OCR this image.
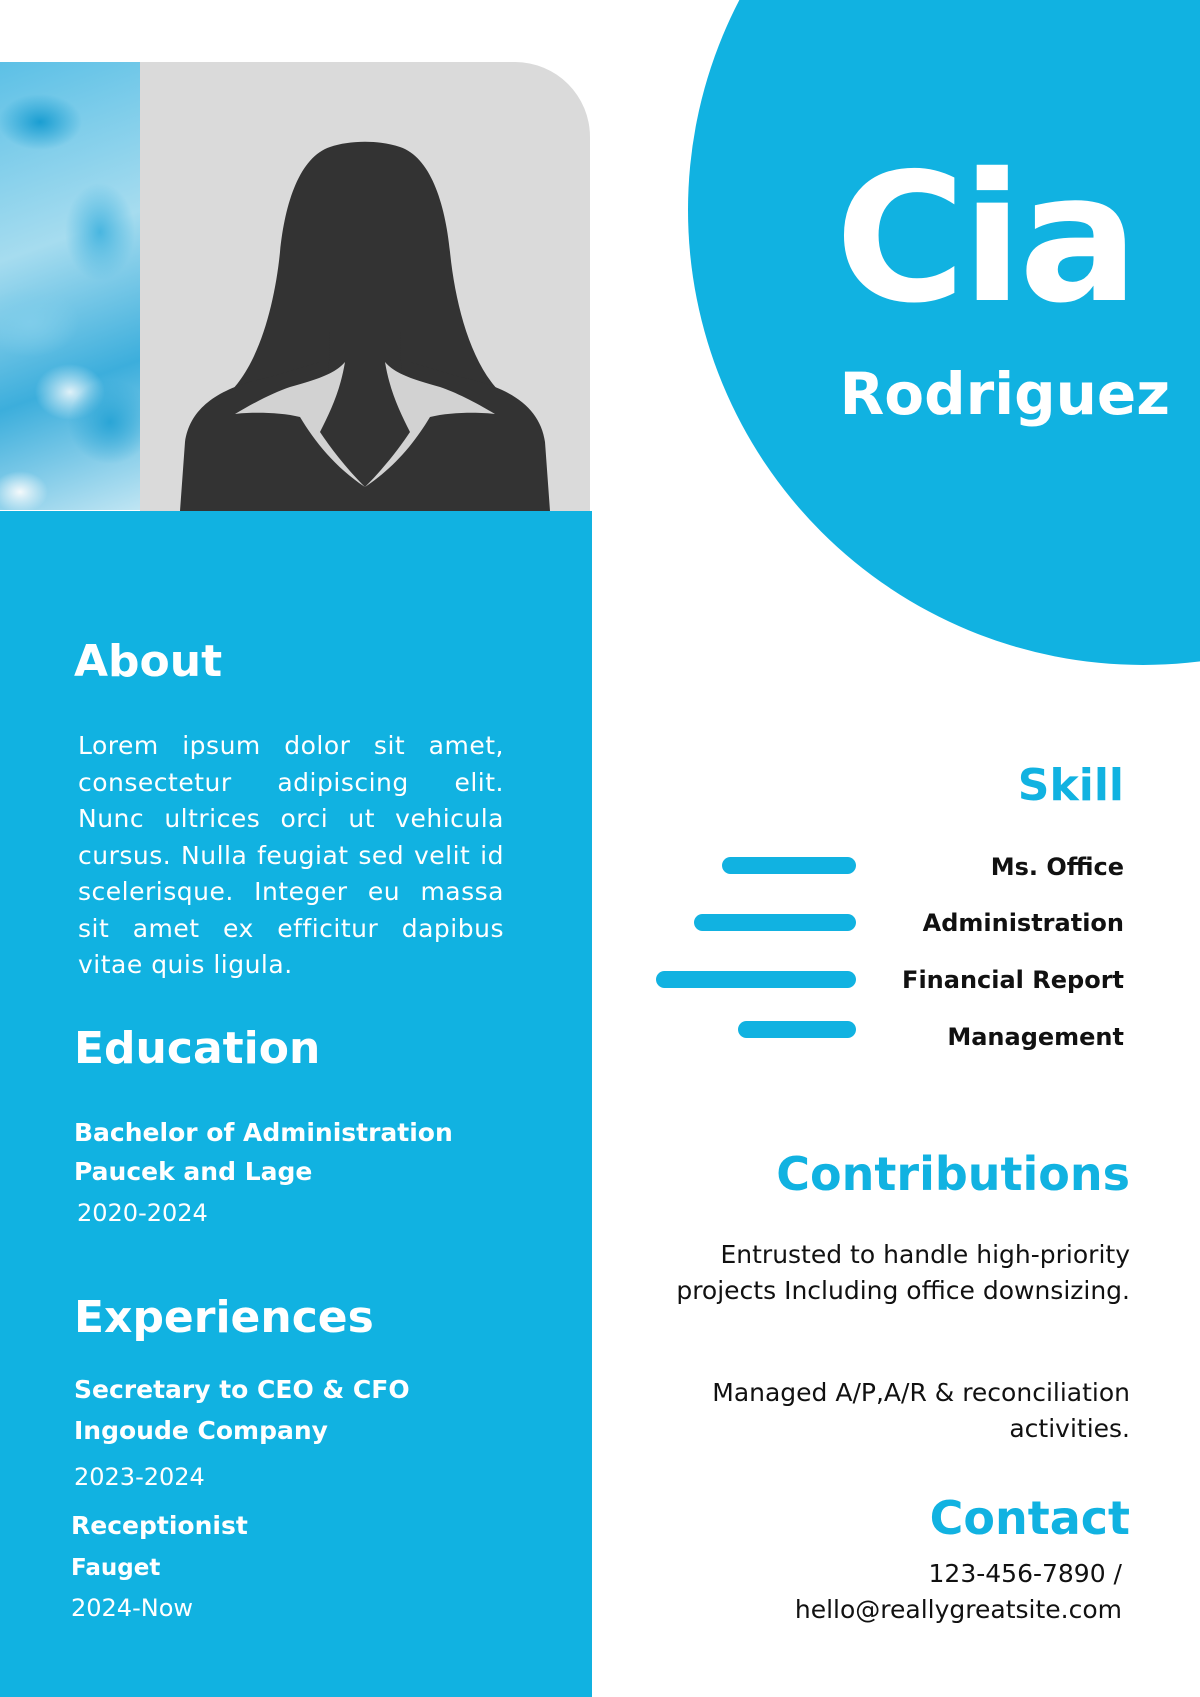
Cia
Rodriguez
About
Lorem ipsum dolor sit amet, consectetur adipiscing elit. Nunc ultrices orci ut vehicula cursus. Nulla feugiat sed velit id scelerisque. Integer eu massa sit amet ex efficitur dapibus vitae quis ligula.
Education
Bachelor of Administration
Paucek and Lage
2020-2024
Experiences
Secretary to CEO & CFO
Ingoude Company
2023-2024
Receptionist
Fauget
2024-Now
Skill
Ms. Office
Administration
Financial Report
Management
Contributions
Entrusted to handle high-priority projects Including office downsizing.
Managed A/P,A/R & reconciliation activities.
Contact
123-456-7890 /
hello@reallygreatsite.com
